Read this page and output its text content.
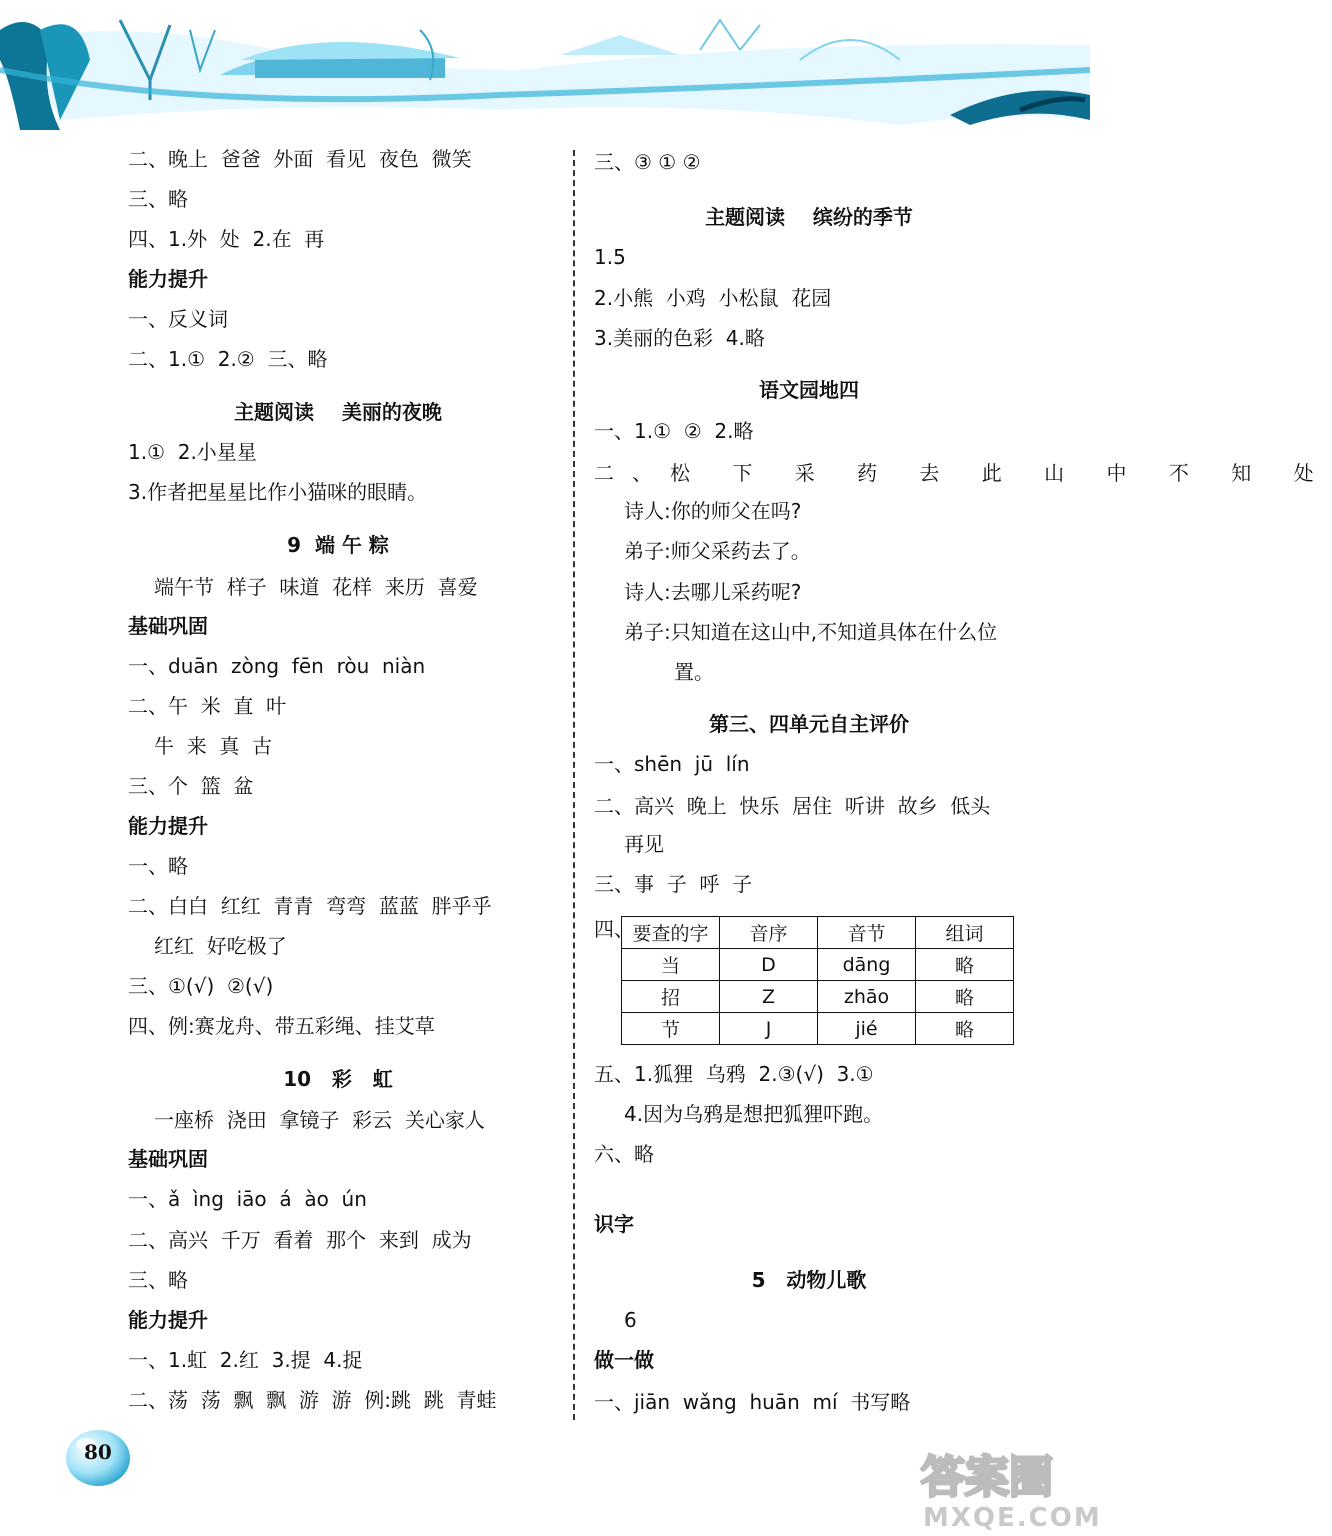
二、晚上  爸爸  外面  看见  夜色  微笑
三、略
四、1.外  处  2.在  再
能力提升
一、反义词
二、1.①  2.②  三、略
主题阅读    美丽的夜晚
1.①  2.小星星
3.作者把星星比作小猫咪的眼睛。
9  端 午 粽
端午节  样子  味道  花样  来历  喜爱
基础巩固
一、duān  zòng  fēn  ròu  niàn
二、午  米  直  叶
牛  来  真  古
三、个  篮  盆
能力提升
一、略
二、白白  红红  青青  弯弯  蓝蓝  胖乎乎
红红  好吃极了
三、①(√)  ②(√)
四、例:赛龙舟、带五彩绳、挂艾草
10   彩   虹
一座桥  浇田  拿镜子  彩云  关心家人
基础巩固
一、ǎ  ìng  iāo  á  ào  ún
二、高兴  千万  看着  那个  来到  成为
三、略
能力提升
一、1.虹  2.红  3.提  4.捉
二、荡  荡  飘  飘  游  游  例:跳  跳  青蛙
三、③ ① ②
主题阅读    缤纷的季节
1.5
2.小熊  小鸡  小松鼠  花园
3.美丽的色彩  4.略
语文园地四
一、1.①  ②  2.略
二、松 下 采 药 去 此 山 中 不 知 处
诗人:你的师父在吗?
弟子:师父采药去了。
诗人:去哪儿采药呢?
弟子:只知道在这山中,不知道具体在什么位
置。
第三、四单元自主评价
一、shēn  jū  lín
二、高兴  晚上  快乐  居住  听讲  故乡  低头
再见
三、事  子  呼  子
四、
五、1.狐狸  乌鸦  2.③(√)  3.①
4.因为乌鸦是想把狐狸吓跑。
六、略
识字
5   动物儿歌
6
做一做
一、jiān  wǎng  huān  mí  书写略
要查的字	音序	音节	组词
当	D	dāng	略
招	Z	zhāo	略
节	J	jié	略
80	答案圈
MXQE.COM
